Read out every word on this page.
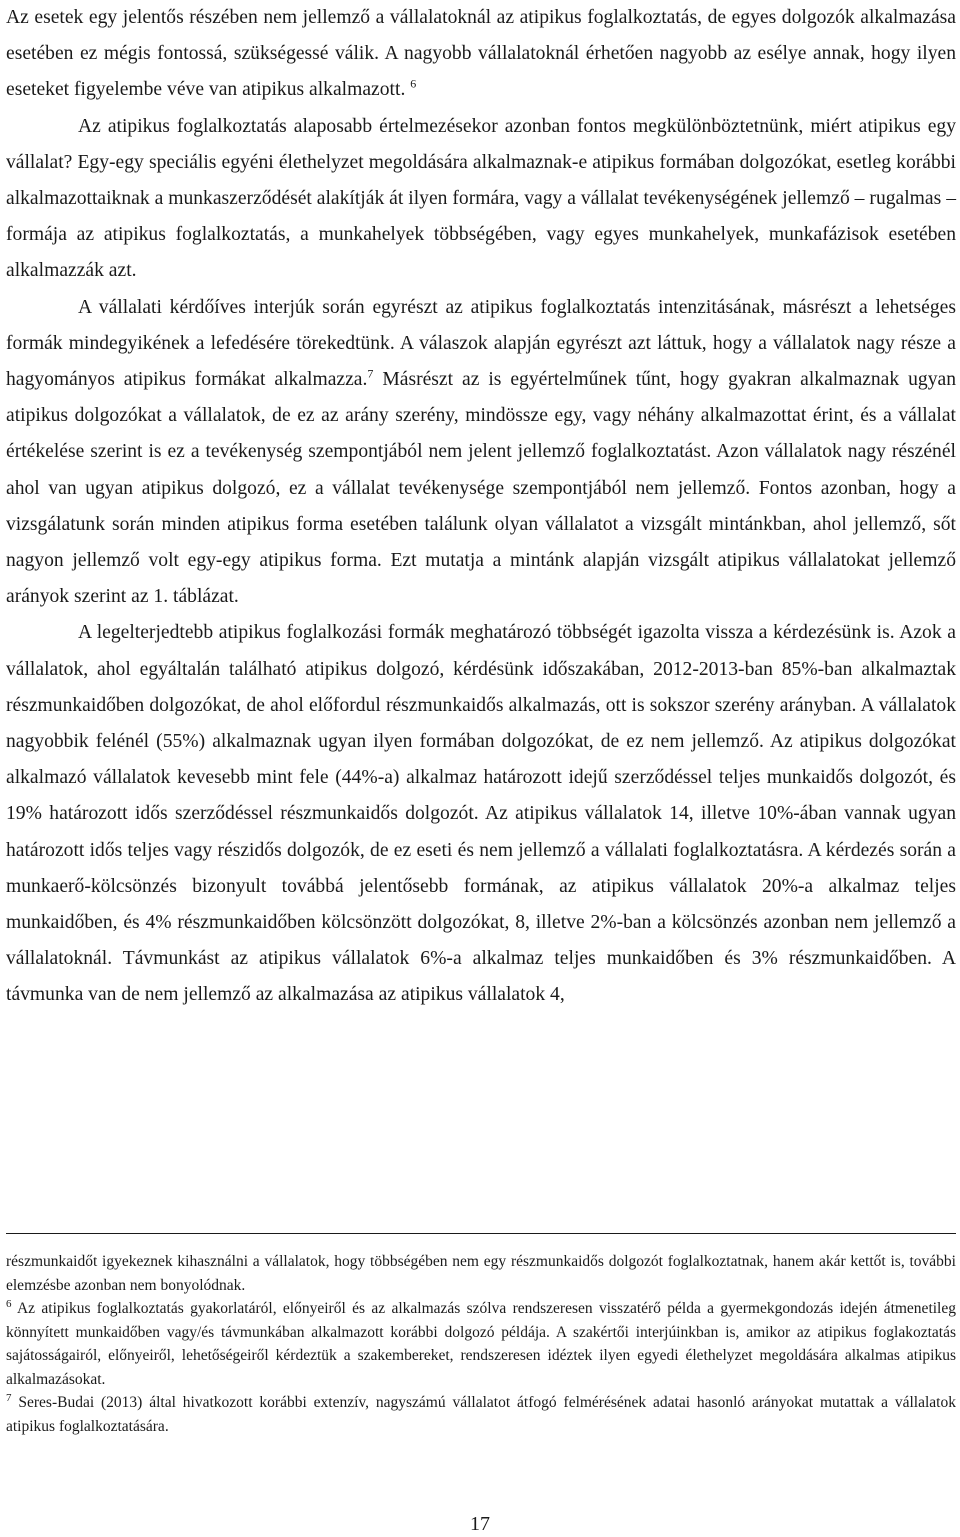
Az esetek egy jelentős részében nem jellemző a vállalatoknál az atipikus foglalkoztatás, de egyes dolgozók alkalmazása esetében ez mégis fontossá, szükségessé válik. A nagyobb vállalatoknál érhetően nagyobb az esélye annak, hogy ilyen eseteket figyelembe véve van atipikus alkalmazott. $^6$

Az atipikus foglalkoztatás alaposabb értelmezésekor azonban fontos megkülönböztetnünk, miért atipikus egy vállalat? Egy-egy speciális egyéni élethelyzet megoldására alkalmaznak-e atipikus formában dolgozókat, esetleg korábbi alkalmazottaiknak a munkaszerződését alakítják át ilyen formára, vagy a vállalat tevékenységének jellemző – rugalmas – formája az atipikus foglalkoztatás, a munkahelyek többségében, vagy egyes munkahelyek, munkafázisok esetében alkalmazzák azt.

A vállalati kérdőíves interjúk során egyrészt az atipikus foglalkoztatás intenzitásának, másrészt a lehetséges formák mindegyikének a lefedésére törekedtünk. A válaszok alapján egyrészt azt láttuk, hogy a vállalatok nagy része a hagyományos atipikus formákat alkalmazza.$^7$ Másrészt az is egyértelműnek tűnt, hogy gyakran alkalmaznak ugyan atipikus dolgozókat a vállalatok, de ez az arány szerény, mindössze egy, vagy néhány alkalmazottat érint, és a vállalat értékelése szerint is ez a tevékenység szempontjából nem jelent jellemző foglalkoztatást. Azon vállalatok nagy részénél ahol van ugyan atipikus dolgozó, ez a vállalat tevékenysége szempontjából nem jellemző. Fontos azonban, hogy a vizsgálatunk során minden atipikus forma esetében találunk olyan vállalatot a vizsgált mintánkban, ahol jellemző, sőt nagyon jellemző volt egy-egy atipikus forma. Ezt mutatja a mintánk alapján vizsgált atipikus vállalatokat jellemző arányok szerint az 1. táblázat.

A legelterjedtebb atipikus foglalkozási formák meghatározó többségét igazolta vissza a kérdezésünk is. Azok a vállalatok, ahol egyáltalán található atipikus dolgozó, kérdésünk időszakában, 2012-2013-ban 85%-ban alkalmaztak részmunkaidőben dolgozókat, de ahol előfordul részmunkaidős alkalmazás, ott is sokszor szerény arányban. A vállalatok nagyobbik felénél (55%) alkalmaznak ugyan ilyen formában dolgozókat, de ez nem jellemző. Az atipikus dolgozókat alkalmazó vállalatok kevesebb mint fele (44%-a) alkalmaz határozott idejű szerződéssel teljes munkaidős dolgozót, és 19% határozott idős szerződéssel részmunkaidős dolgozót. Az atipikus vállalatok 14, illetve 10%-ában vannak ugyan határozott idős teljes vagy részidős dolgozók, de ez eseti és nem jellemző a vállalati foglalkoztatásra. A kérdezés során a munkaerő-kölcsönzés bizonyult továbbá jelentősebb formának, az atipikus vállalatok 20%-a alkalmaz teljes munkaidőben, és 4% részmunkaidőben kölcsönzött dolgozókat, 8, illetve 2%-ban a kölcsönzés azonban nem jellemző a vállalatoknál. Távmunkást az atipikus vállalatok 6%-a alkalmaz teljes munkaidőben és 3% részmunkaidőben. A távmunka van de nem jellemző az alkalmazása az atipikus vállalatok 4,

részmunkaidőt igyekeznek kihasználni a vállalatok, hogy többségében nem egy részmunkaidős dolgozót foglalkoztatnak, hanem akár kettőt is, további elemzésbe azonban nem bonyolódnak.

$^6$ Az atipikus foglalkoztatás gyakorlatáról, előnyeiről és az alkalmazás szólva rendszeresen visszatérő példa a gyermekgondozás idején átmenetileg könnyített munkaidőben vagy/és távmunkában alkalmazott korábbi dolgozó példája. A szakértői interjúinkban is, amikor az atipikus foglakoztatás sajátosságairól, előnyeiről, lehetőségeiről kérdeztük a szakembereket, rendszeresen idéztek ilyen egyedi élethelyzet megoldására alkalmas atipikus alkalmazásokat.

$^7$ Seres-Budai (2013) által hivatkozott korábbi extenzív, nagyszámú vállalatot átfogó felmérésének adatai hasonló arányokat mutattak a vállalatok atipikus foglalkoztatására.

17
